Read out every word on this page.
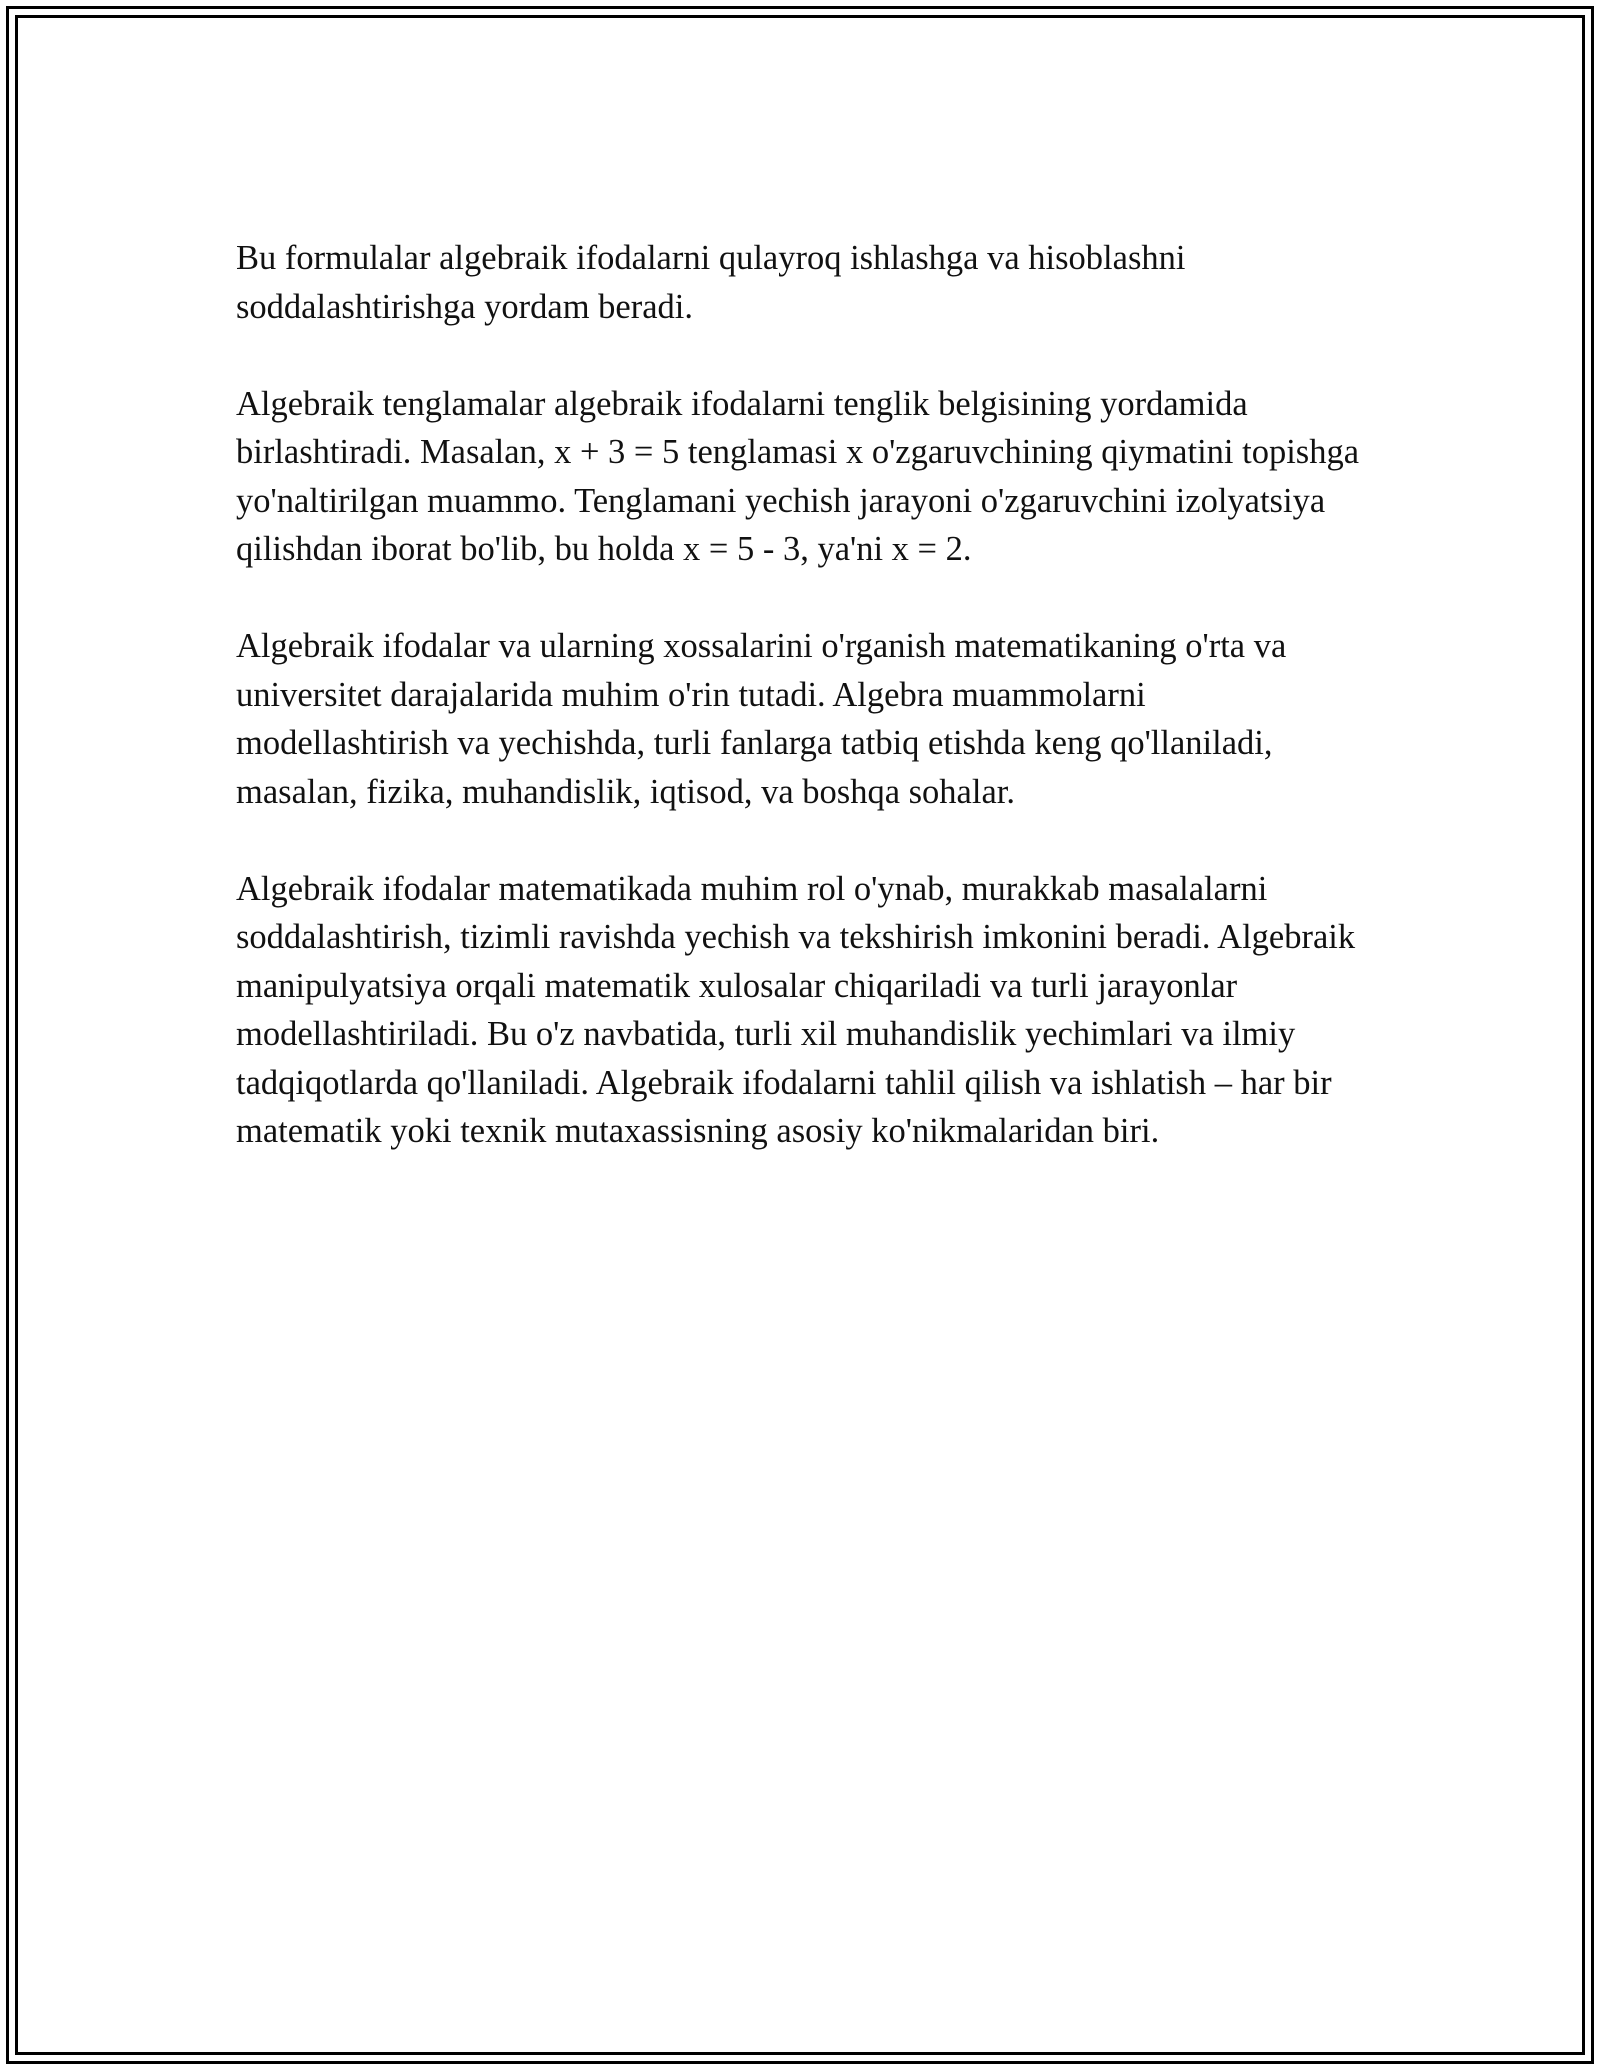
Bu formulalar algebraik ifodalarni qulayroq ishlashga va hisoblashni soddalashtirishga yordam beradi.

Algebraik tenglamalar algebraik ifodalarni tenglik belgisining yordamida birlashtiradi. Masalan, x + 3 = 5 tenglamasi x o'zgaruvchining qiymatini topishga yo'naltirilgan muammo. Tenglamani yechish jarayoni o'zgaruvchini izolyatsiya qilishdan iborat bo'lib, bu holda x = 5 - 3, ya'ni x = 2.

Algebraik ifodalar va ularning xossalarini o'rganish matematikaning o'rta va universitet darajalarida muhim o'rin tutadi. Algebra muammolarni modellashtirish va yechishda, turli fanlarga tatbiq etishda keng qo'llaniladi, masalan, fizika, muhandislik, iqtisod, va boshqa sohalar.

Algebraik ifodalar matematikada muhim rol o'ynab, murakkab masalalarni soddalashtirish, tizimli ravishda yechish va tekshirish imkonini beradi. Algebraik manipulyatsiya orqali matematik xulosalar chiqariladi va turli jarayonlar modellashtiriladi. Bu o'z navbatida, turli xil muhandislik yechimlari va ilmiy tadqiqotlarda qo'llaniladi. Algebraik ifodalarni tahlil qilish va ishlatish – har bir matematik yoki texnik mutaxassisning asosiy ko'nikmalaridan biri.
